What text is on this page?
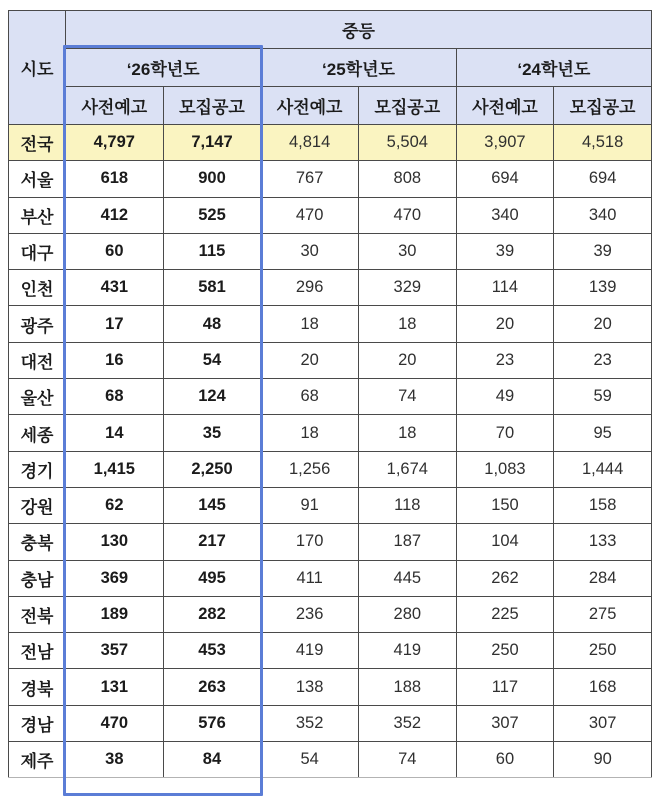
시도	중등					
	‘26학년도		‘25학년도		‘24학년도	
	사전예고	모집공고	사전예고	모집공고	사전예고	모집공고
전국	4,797	7,147	4,814	5,504	3,907	4,518
서울	618	900	767	808	694	694
부산	412	525	470	470	340	340
대구	60	115	30	30	39	39
인천	431	581	296	329	114	139
광주	17	48	18	18	20	20
대전	16	54	20	20	23	23
울산	68	124	68	74	49	59
세종	14	35	18	18	70	95
경기	1,415	2,250	1,256	1,674	1,083	1,444
강원	62	145	91	118	150	158
충북	130	217	170	187	104	133
충남	369	495	411	445	262	284
전북	189	282	236	280	225	275
전남	357	453	419	419	250	250
경북	131	263	138	188	117	168
경남	470	576	352	352	307	307
제주	38	84	54	74	60	90
